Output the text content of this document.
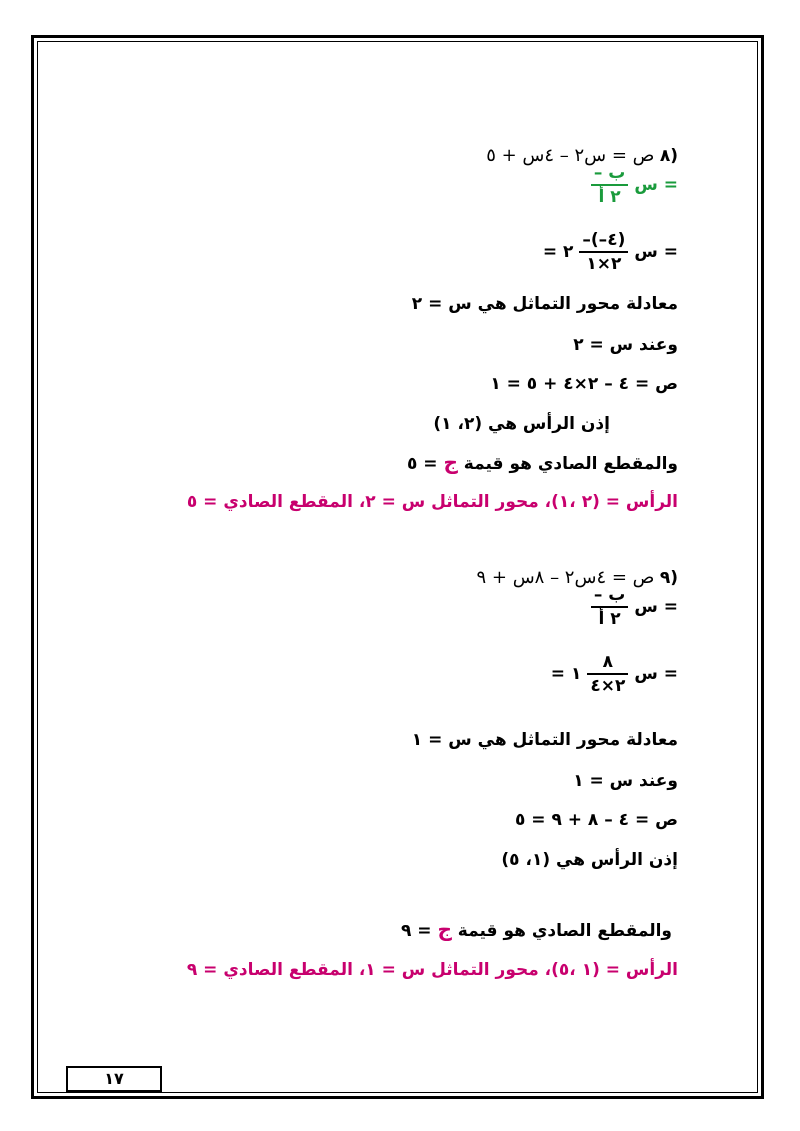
(٨ ص = س٢ – ٤س + ٥
س =
$\frac{\text{– ب}}{\text{٢ أ}}$
س =
$\frac{-(-٤)}{٢\times ١}$
= ٢
معادلة محور التماثل هي س = ٢
وعند س = ٢
ص = ٤ – ٢×٤ + ٥ = ١
إذن الرأس هي (٢، ١)
والمقطع الصادي هو قيمة ج = ٥
الرأس = (٢ ،١)، محور التماثل س = ٢، المقطع الصادي = ٥
(٩ ص = ٤س٢ – ٨س + ٩
س =
$\frac{\text{– ب}}{\text{٢ أ}}$
س =
$\frac{٨}{٢\times ٤}$
= ١
معادلة محور التماثل هي س = ١
وعند س = ١
ص = ٤ – ٨ + ٩ = ٥
إذن الرأس هي (١، ٥)
والمقطع الصادي هو قيمة ج = ٩
الرأس = (١ ،٥)، محور التماثل س = ١، المقطع الصادي = ٩
١٧
